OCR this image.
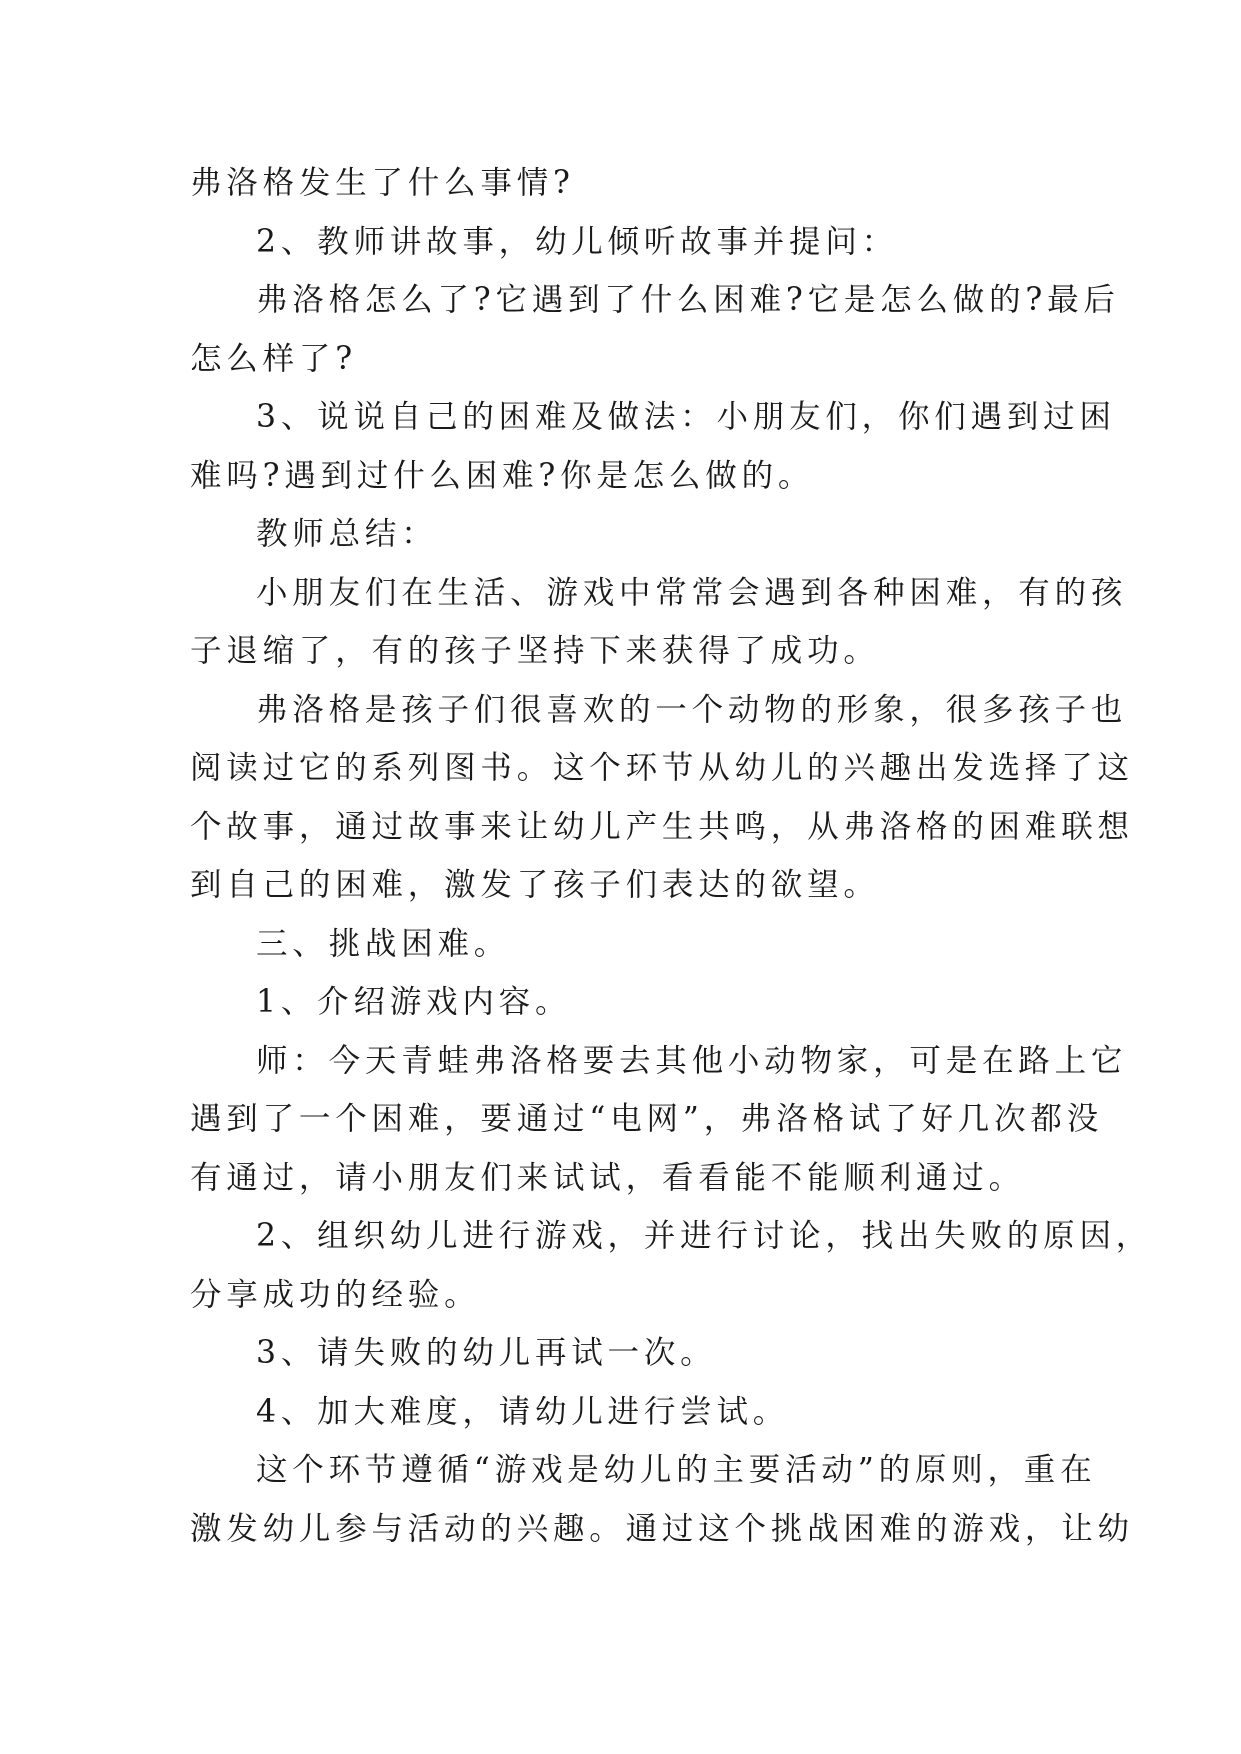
弗洛格发生了什么事情?
2、教师讲故事，幼儿倾听故事并提问：
弗洛格怎么了?它遇到了什么困难?它是怎么做的?最后
怎么样了?
3、说说自己的困难及做法：小朋友们，你们遇到过困
难吗?遇到过什么困难?你是怎么做的。
教师总结：
小朋友们在生活、游戏中常常会遇到各种困难，有的孩
子退缩了，有的孩子坚持下来获得了成功。
弗洛格是孩子们很喜欢的一个动物的形象，很多孩子也
阅读过它的系列图书。这个环节从幼儿的兴趣出发选择了这
个故事，通过故事来让幼儿产生共鸣，从弗洛格的困难联想
到自己的困难，激发了孩子们表达的欲望。
三、挑战困难。
1、介绍游戏内容。
师：今天青蛙弗洛格要去其他小动物家，可是在路上它
遇到了一个困难，要通过“电网”，弗洛格试了好几次都没
有通过，请小朋友们来试试，看看能不能顺利通过。
2、组织幼儿进行游戏，并进行讨论，找出失败的原因，
分享成功的经验。
3、请失败的幼儿再试一次。
4、加大难度，请幼儿进行尝试。
这个环节遵循“游戏是幼儿的主要活动”的原则，重在
激发幼儿参与活动的兴趣。通过这个挑战困难的游戏，让幼
